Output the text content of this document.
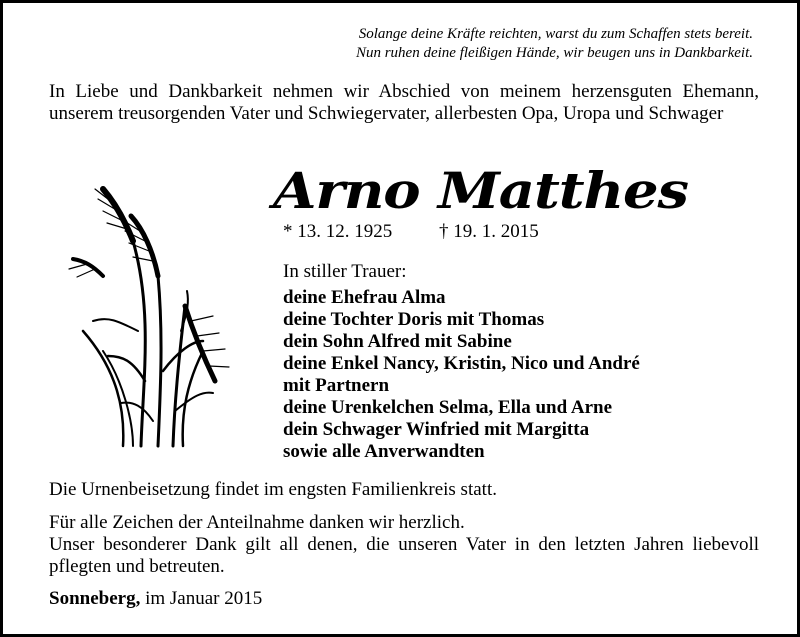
Solange deine Kräfte reichten, warst du zum Schaffen stets bereit.
Nun ruhen deine fleißigen Hände, wir beugen uns in Dankbarkeit.
In Liebe und Dankbarkeit nehmen wir Abschied von meinem herzensguten Ehemann, unserem treusorgenden Vater und Schwiegervater, allerbesten Opa, Uropa und Schwager
Arno Matthes
* 13. 12. 1925 † 19. 1. 2015
In stiller Trauer:
deine Ehefrau Alma
deine Tochter Doris mit Thomas
dein Sohn Alfred mit Sabine
deine Enkel Nancy, Kristin, Nico und André
mit Partnern
deine Urenkelchen Selma, Ella und Arne
dein Schwager Winfried mit Margitta
sowie alle Anverwandten
Die Urnenbeisetzung findet im engsten Familienkreis statt.
Für alle Zeichen der Anteilnahme danken wir herzlich.
Unser besonderer Dank gilt all denen, die unseren Vater in den letzten Jahren liebevoll pflegten und betreuten.
Sonneberg, im Januar 2015
